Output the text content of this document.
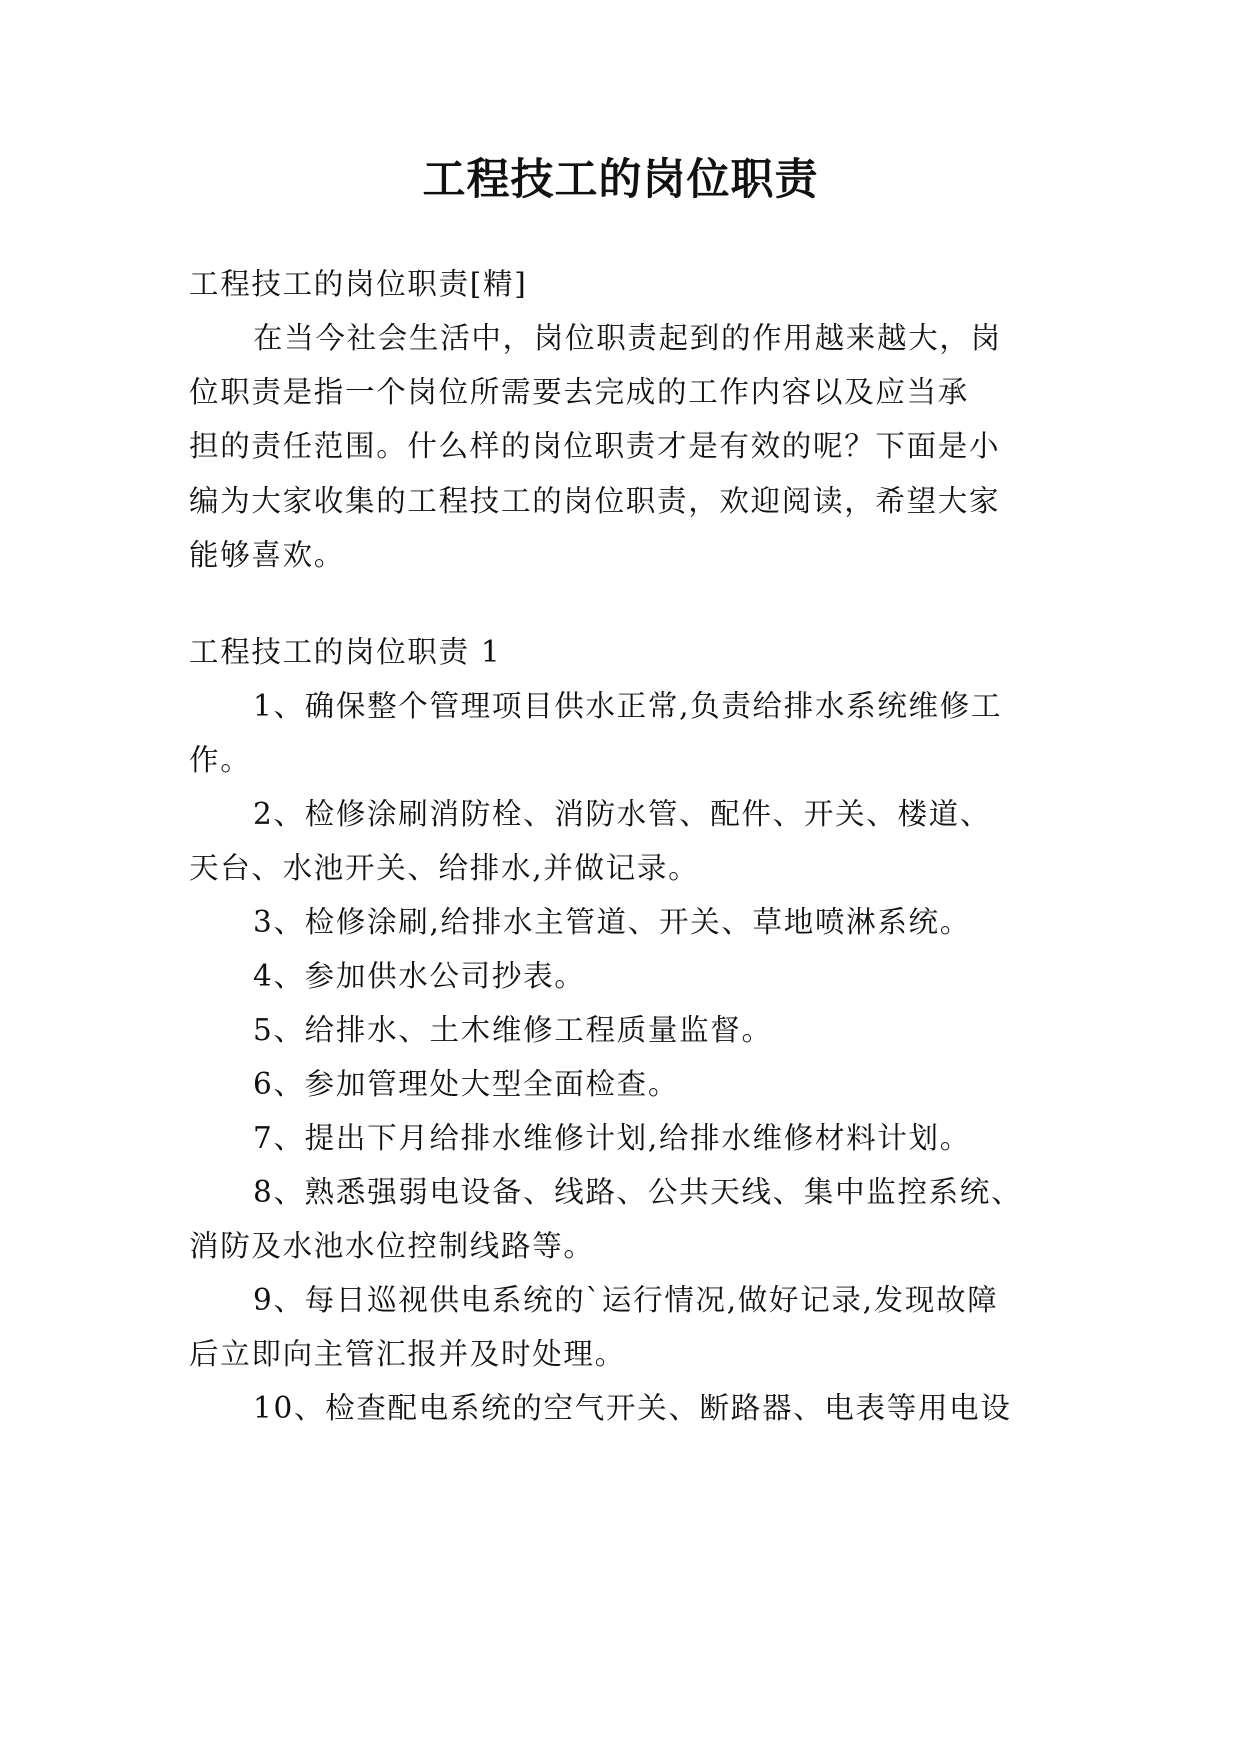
工程技工的岗位职责

工程技工的岗位职责[精]

在当今社会生活中，岗位职责起到的作用越来越大，岗

位职责是指一个岗位所需要去完成的工作内容以及应当承

担的责任范围。什么样的岗位职责才是有效的呢？下面是小

编为大家收集的工程技工的岗位职责，欢迎阅读，希望大家

能够喜欢。

工程技工的岗位职责 1

1、确保整个管理项目供水正常,负责给排水系统维修工

作。

2、检修涂刷消防栓、消防水管、配件、开关、楼道、

天台、水池开关、给排水,并做记录。

3、检修涂刷,给排水主管道、开关、草地喷淋系统。

4、参加供水公司抄表。

5、给排水、土木维修工程质量监督。

6、参加管理处大型全面检查。

7、提出下月给排水维修计划,给排水维修材料计划。

8、熟悉强弱电设备、线路、公共天线、集中监控系统、

消防及水池水位控制线路等。

9、每日巡视供电系统的`运行情况,做好记录,发现故障

后立即向主管汇报并及时处理。

10、检查配电系统的空气开关、断路器、电表等用电设
